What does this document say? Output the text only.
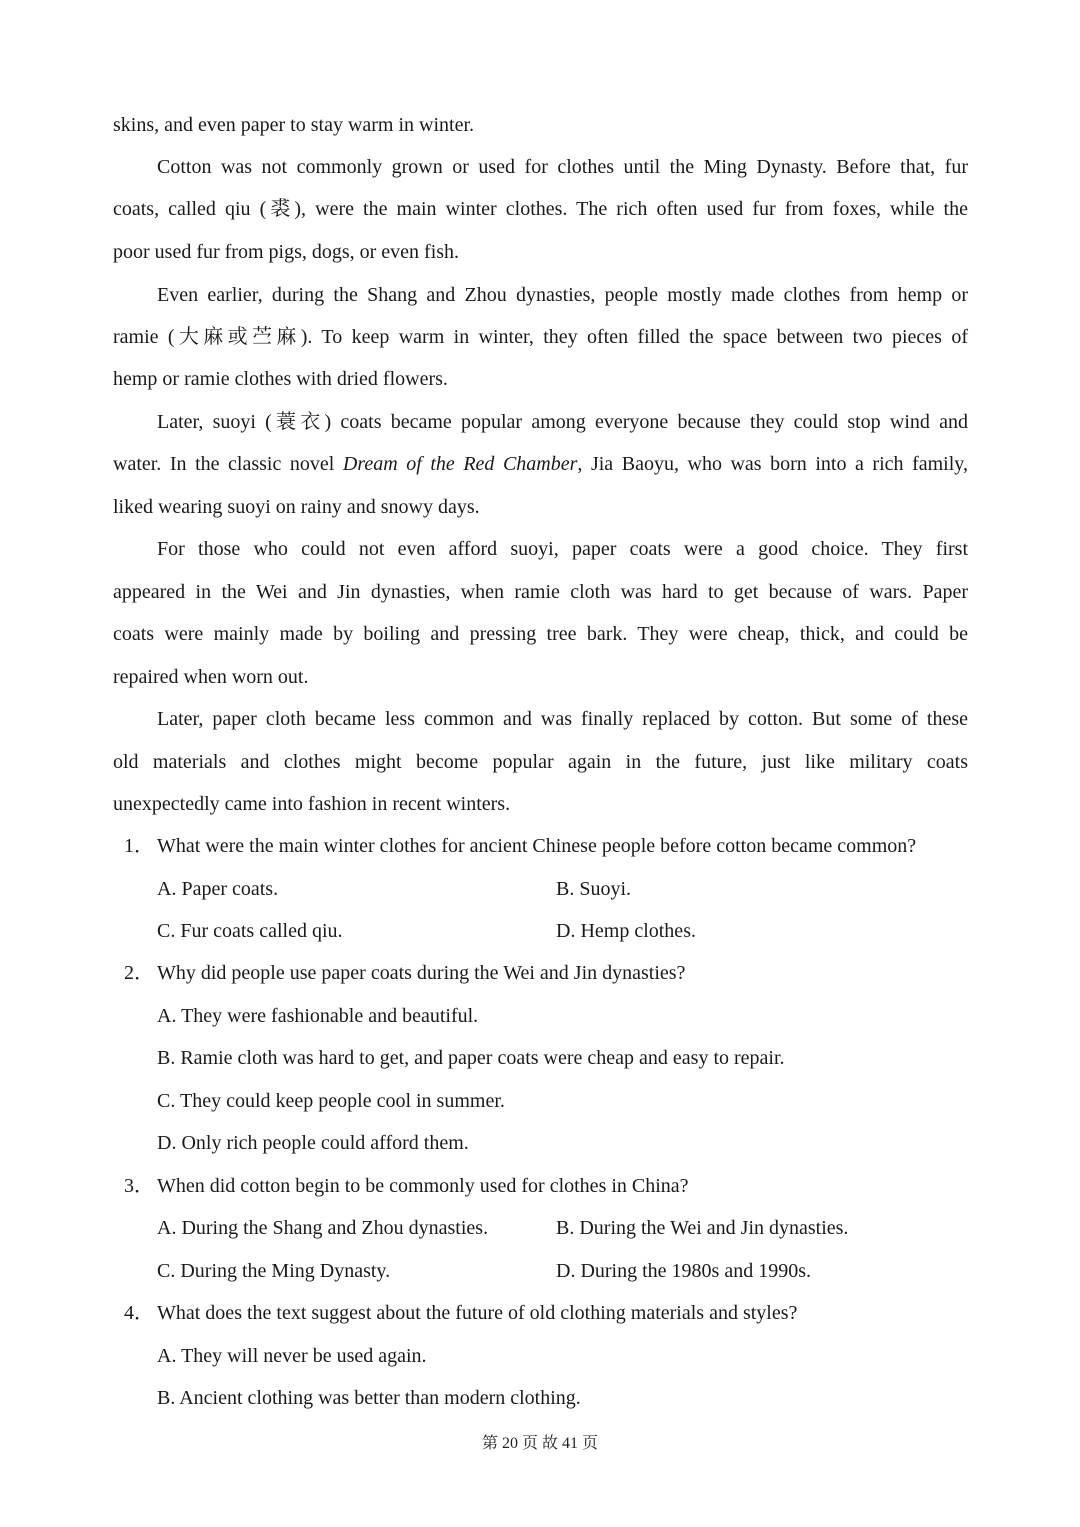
skins, and even paper to stay warm in winter.
Cotton was not commonly grown or used for clothes until the Ming Dynasty. Before that, fur
coats, called qiu (裘), were the main winter clothes. The rich often used fur from foxes, while the
poor used fur from pigs, dogs, or even fish.
Even earlier, during the Shang and Zhou dynasties, people mostly made clothes from hemp or
ramie (大麻或苎麻). To keep warm in winter, they often filled the space between two pieces of
hemp or ramie clothes with dried flowers.
Later, suoyi (蓑衣) coats became popular among everyone because they could stop wind and
water. In the classic novel Dream of the Red Chamber, Jia Baoyu, who was born into a rich family,
liked wearing suoyi on rainy and snowy days.
For those who could not even afford suoyi, paper coats were a good choice. They first
appeared in the Wei and Jin dynasties, when ramie cloth was hard to get because of wars. Paper
coats were mainly made by boiling and pressing tree bark. They were cheap, thick, and could be
repaired when worn out.
Later, paper cloth became less common and was finally replaced by cotton. But some of these
old materials and clothes might become popular again in the future, just like military coats
unexpectedly came into fashion in recent winters.
1． What were the main winter clothes for ancient Chinese people before cotton became common?
A. Paper coats.	B. Suoyi.
C. Fur coats called qiu.	D. Hemp clothes.
2． Why did people use paper coats during the Wei and Jin dynasties?
A. They were fashionable and beautiful.
B. Ramie cloth was hard to get, and paper coats were cheap and easy to repair.
C. They could keep people cool in summer.
D. Only rich people could afford them.
3． When did cotton begin to be commonly used for clothes in China?
A. During the Shang and Zhou dynasties.	B. During the Wei and Jin dynasties.
C. During the Ming Dynasty.	D. During the 1980s and 1990s.
4． What does the text suggest about the future of old clothing materials and styles?
A. They will never be used again.
B. Ancient clothing was better than modern clothing.
第 20 页 故 41 页
